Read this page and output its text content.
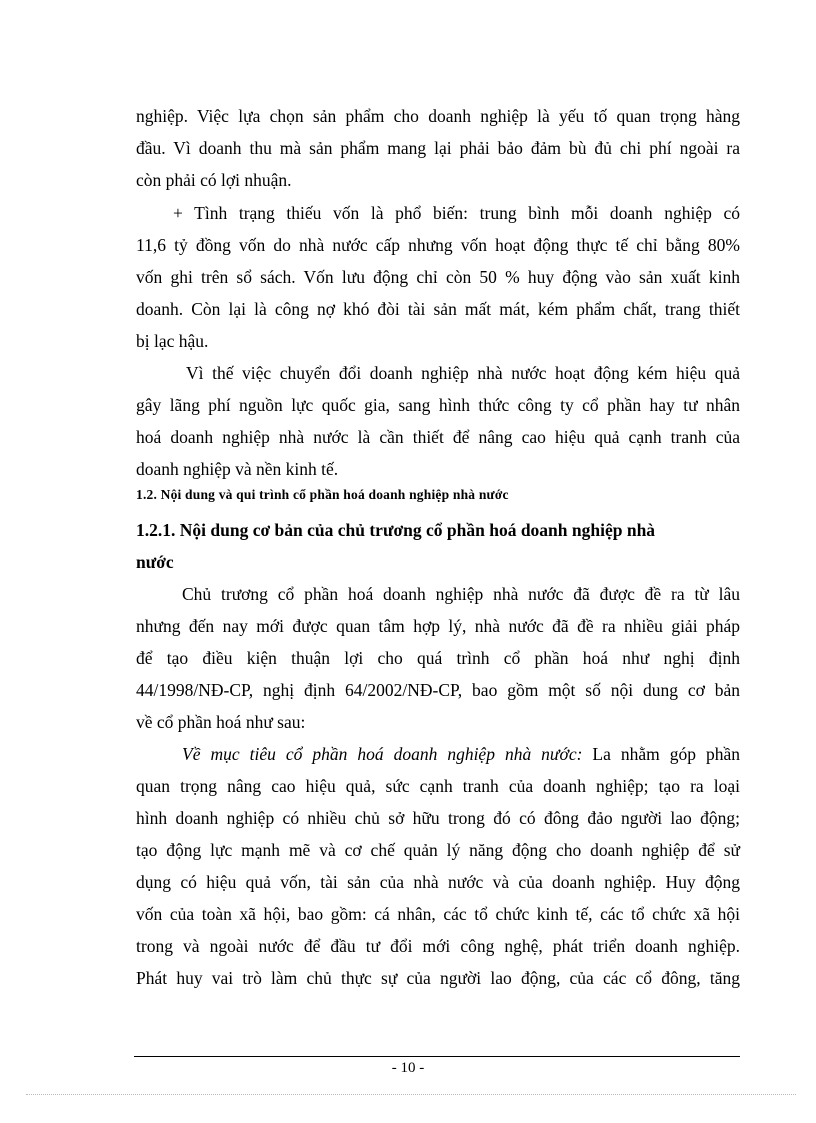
nghiệp. Việc lựa chọn sản phẩm cho doanh nghiệp là yếu tố quan trọng hàng
đầu. Vì doanh thu mà sản phẩm mang lại phải bảo đảm bù đủ chi phí ngoài ra
còn phải có lợi nhuận.
+ Tình trạng thiếu vốn là phổ biến: trung bình mỗi doanh nghiệp có
11,6 tỷ đồng vốn do nhà nước cấp nhưng vốn hoạt động thực tế chỉ bằng 80%
vốn ghi trên sổ sách. Vốn lưu động chỉ còn 50 % huy động vào sản xuất kinh
doanh. Còn lại là công nợ khó đòi tài sản mất mát, kém phẩm chất, trang thiết
bị lạc hậu.
Vì thế việc chuyển đổi doanh nghiệp nhà nước hoạt động kém hiệu quả
gây lãng phí nguồn lực quốc gia, sang hình thức công ty cổ phần hay tư nhân
hoá doanh nghiệp nhà nước là cần thiết để nâng cao hiệu quả cạnh tranh của
doanh nghiệp và nền kinh tế.
1.2. Nội dung và qui trình cổ phần hoá doanh nghiệp nhà nước
1.2.1. Nội dung cơ bản của chủ trương cổ phần hoá doanh nghiệp nhà
nước
Chủ trương cổ phần hoá doanh nghiệp nhà nước đã được đề ra từ lâu
nhưng đến nay mới được quan tâm hợp lý, nhà nước đã đề ra nhiều giải pháp
để tạo điều kiện thuận lợi cho quá trình cổ phần hoá như nghị định
44/1998/NĐ-CP, nghị định 64/2002/NĐ-CP, bao gồm một số nội dung cơ bản
về cổ phần hoá như sau:
Về mục tiêu cổ phần hoá doanh nghiệp nhà nước: La nhằm góp phần
quan trọng nâng cao hiệu quả, sức cạnh tranh của doanh nghiệp; tạo ra loại
hình doanh nghiệp có nhiều chủ sở hữu trong đó có đông đảo người lao động;
tạo động lực mạnh mẽ và cơ chế quản lý năng động cho doanh nghiệp để sử
dụng có hiệu quả vốn, tài sản của nhà nước và của doanh nghiệp. Huy động
vốn của toàn xã hội, bao gồm: cá nhân, các tổ chức kinh tế, các tổ chức xã hội
trong và ngoài nước để đầu tư đổi mới công nghệ, phát triển doanh nghiệp.
Phát huy vai trò làm chủ thực sự của người lao động, của các cổ đông, tăng
- 10 -
